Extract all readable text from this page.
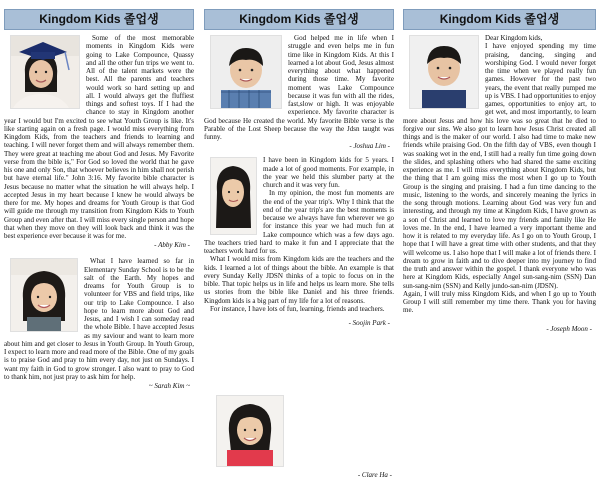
Kingdom Kids 졸업생

Some of the most memorable moments in Kingdom Kids were going to Lake Compounce, Quassy and all the other fun trips we went to. All of the talent markets were the best. All the parents and teachers would work so hard setting up and all. I would always get the fluffiest things and softest toys. If I had the chance to stay in Kingdom another year I would but I'm excited to see what Youth Group is like. It's like starting again on a fresh page. I would miss everything from Kingdom Kids, from the teachers and friends to learning and teaching. I will never forget them and will always remember them. They were great at teaching me about God and Jesus. My Favorite verse from the bible is," For God so loved the world that he gave his one and only Son, that whoever believes in him shall not perish but have eternal life." John 3:16. My favorite bible character is Jesus because no matter what the situation he will always help. I accepted Jesus in my heart because I knew he would always be there for me. My hopes and dreams for Youth Group is that God will guide me through my transition from Kingdom Kids to Youth Group and even after that. I will miss every single person and hope that when they move on they will look back and think it was the best experience ever because it was for me.

- Abby Kim -

What I have learned so far in Elementary Sunday School is to be the salt of the Earth. My hopes and dreams for Youth Group is to volunteer for VBS and field trips, like our trip to Lake Compounce. I also hope to learn more about God and Jesus, and I wish I can someday read the whole Bible. I have accepted Jesus as my saviour and want to learn more about him and get closer to Jesus in Youth Group. In Youth Group, I expect to learn more and read more of the Bible. One of my goals is to praise God and pray to him every day, not just on Sundays. I want my faith in God to grow stronger. I also want to pray to God to thank him, not just pray to ask him for help.

~ Sarah Kim ~
Kingdom Kids 졸업생

God helped me in life when I struggle and even helps me in fun time like in Kingdom Kids. At this I learned a lot about God, Jesus almost everything about what happened during those time. My favorite moment was Lake Compounce because it was fun with all the rides, fast,slow or high. It was enjoyable experience. My favorite character is God because He created the world. My favorite Bible verse is the Parable of the Lost Sheep because the way the Jdsn taught was funny.

- Joshua Lim -

I have been in Kingdom kids for 5 years. I made a lot of good moments. For example, in the year we held this slumber party at the church and it was very fun.

In my opinion, the most fun moments are the end of the year trip's. Why I think that the end of the year trip's are the best moments is because we always have fun wherever we go for instance this year we had much fun at Lake compounce which was a few days ago. The teachers tried hard to make it fun and I appreciate that the teachers work hard for us.

What I would miss from Kingdom kids are the teachers and the kids. I learned a lot of things about the bible. An example is that every Sunday Kelly JDSN thinks of a topic to focus on in the bible. That topic helps us in life and helps us learn more. She tells us stories from the bible like Daniel and his three friends. Kingdom kids is a big part of my life for a lot of reasons.

For instance, I have lots of fun, learning, friends and teachers.

- Soojin Park -
- Clare Ha -
Kingdom Kids 졸업생

Dear Kingdom kids,

I have enjoyed spending my time praising, dancing, singing and worshiping God. I would never forget the time when we played really fun games. However for the past two years, the event that really pumped me up is VBS. I had opportunities to enjoy games, opportunities to enjoy art, to get wet, and most importantly, to learn more about Jesus and how his love was so great that he died to forgive our sins. We also got to learn how Jesus Christ created all things and is the maker of our world. I also had time to make new friends while praising God. On the fifth day of VBS, even though I was soaking wet in the end, I still had a really fun time going down the slides, and splashing others who had shared the same exciting experience as me. I will miss everything about Kingdom Kids, but the thing that I am going miss the most when I go up to Youth Group is the singing and praising. I had a fun time dancing to the music, listening to the words, and sincerely meaning the lyrics in the song through motions. Learning about God was very fun and interesting, and through my time at Kingdom Kids, I have grown as a son of Christ and learned to love my friends and family like He loves me. In the end, I have learned a very important theme and how it is related to my everyday life. As I go on to Youth Group, I hope that I will have a great time with other students, and that they will welcome us. I also hope that I will make a lot of friends there. I dream to grow in faith and to dive deeper into my journey to find the truth and answer within the gospel. I thank everyone who was here at Kingdom Kids, especially Angel sun-sang-nim (SSN) Dan sun-sang-nim (SSN) and Kelly jundo-san-nim (JDSN).

Again, I will truly miss Kingdom Kids, and when I go up to Youth Group I will still remember my time there. Thank you for having me.

- Joseph Moon -
